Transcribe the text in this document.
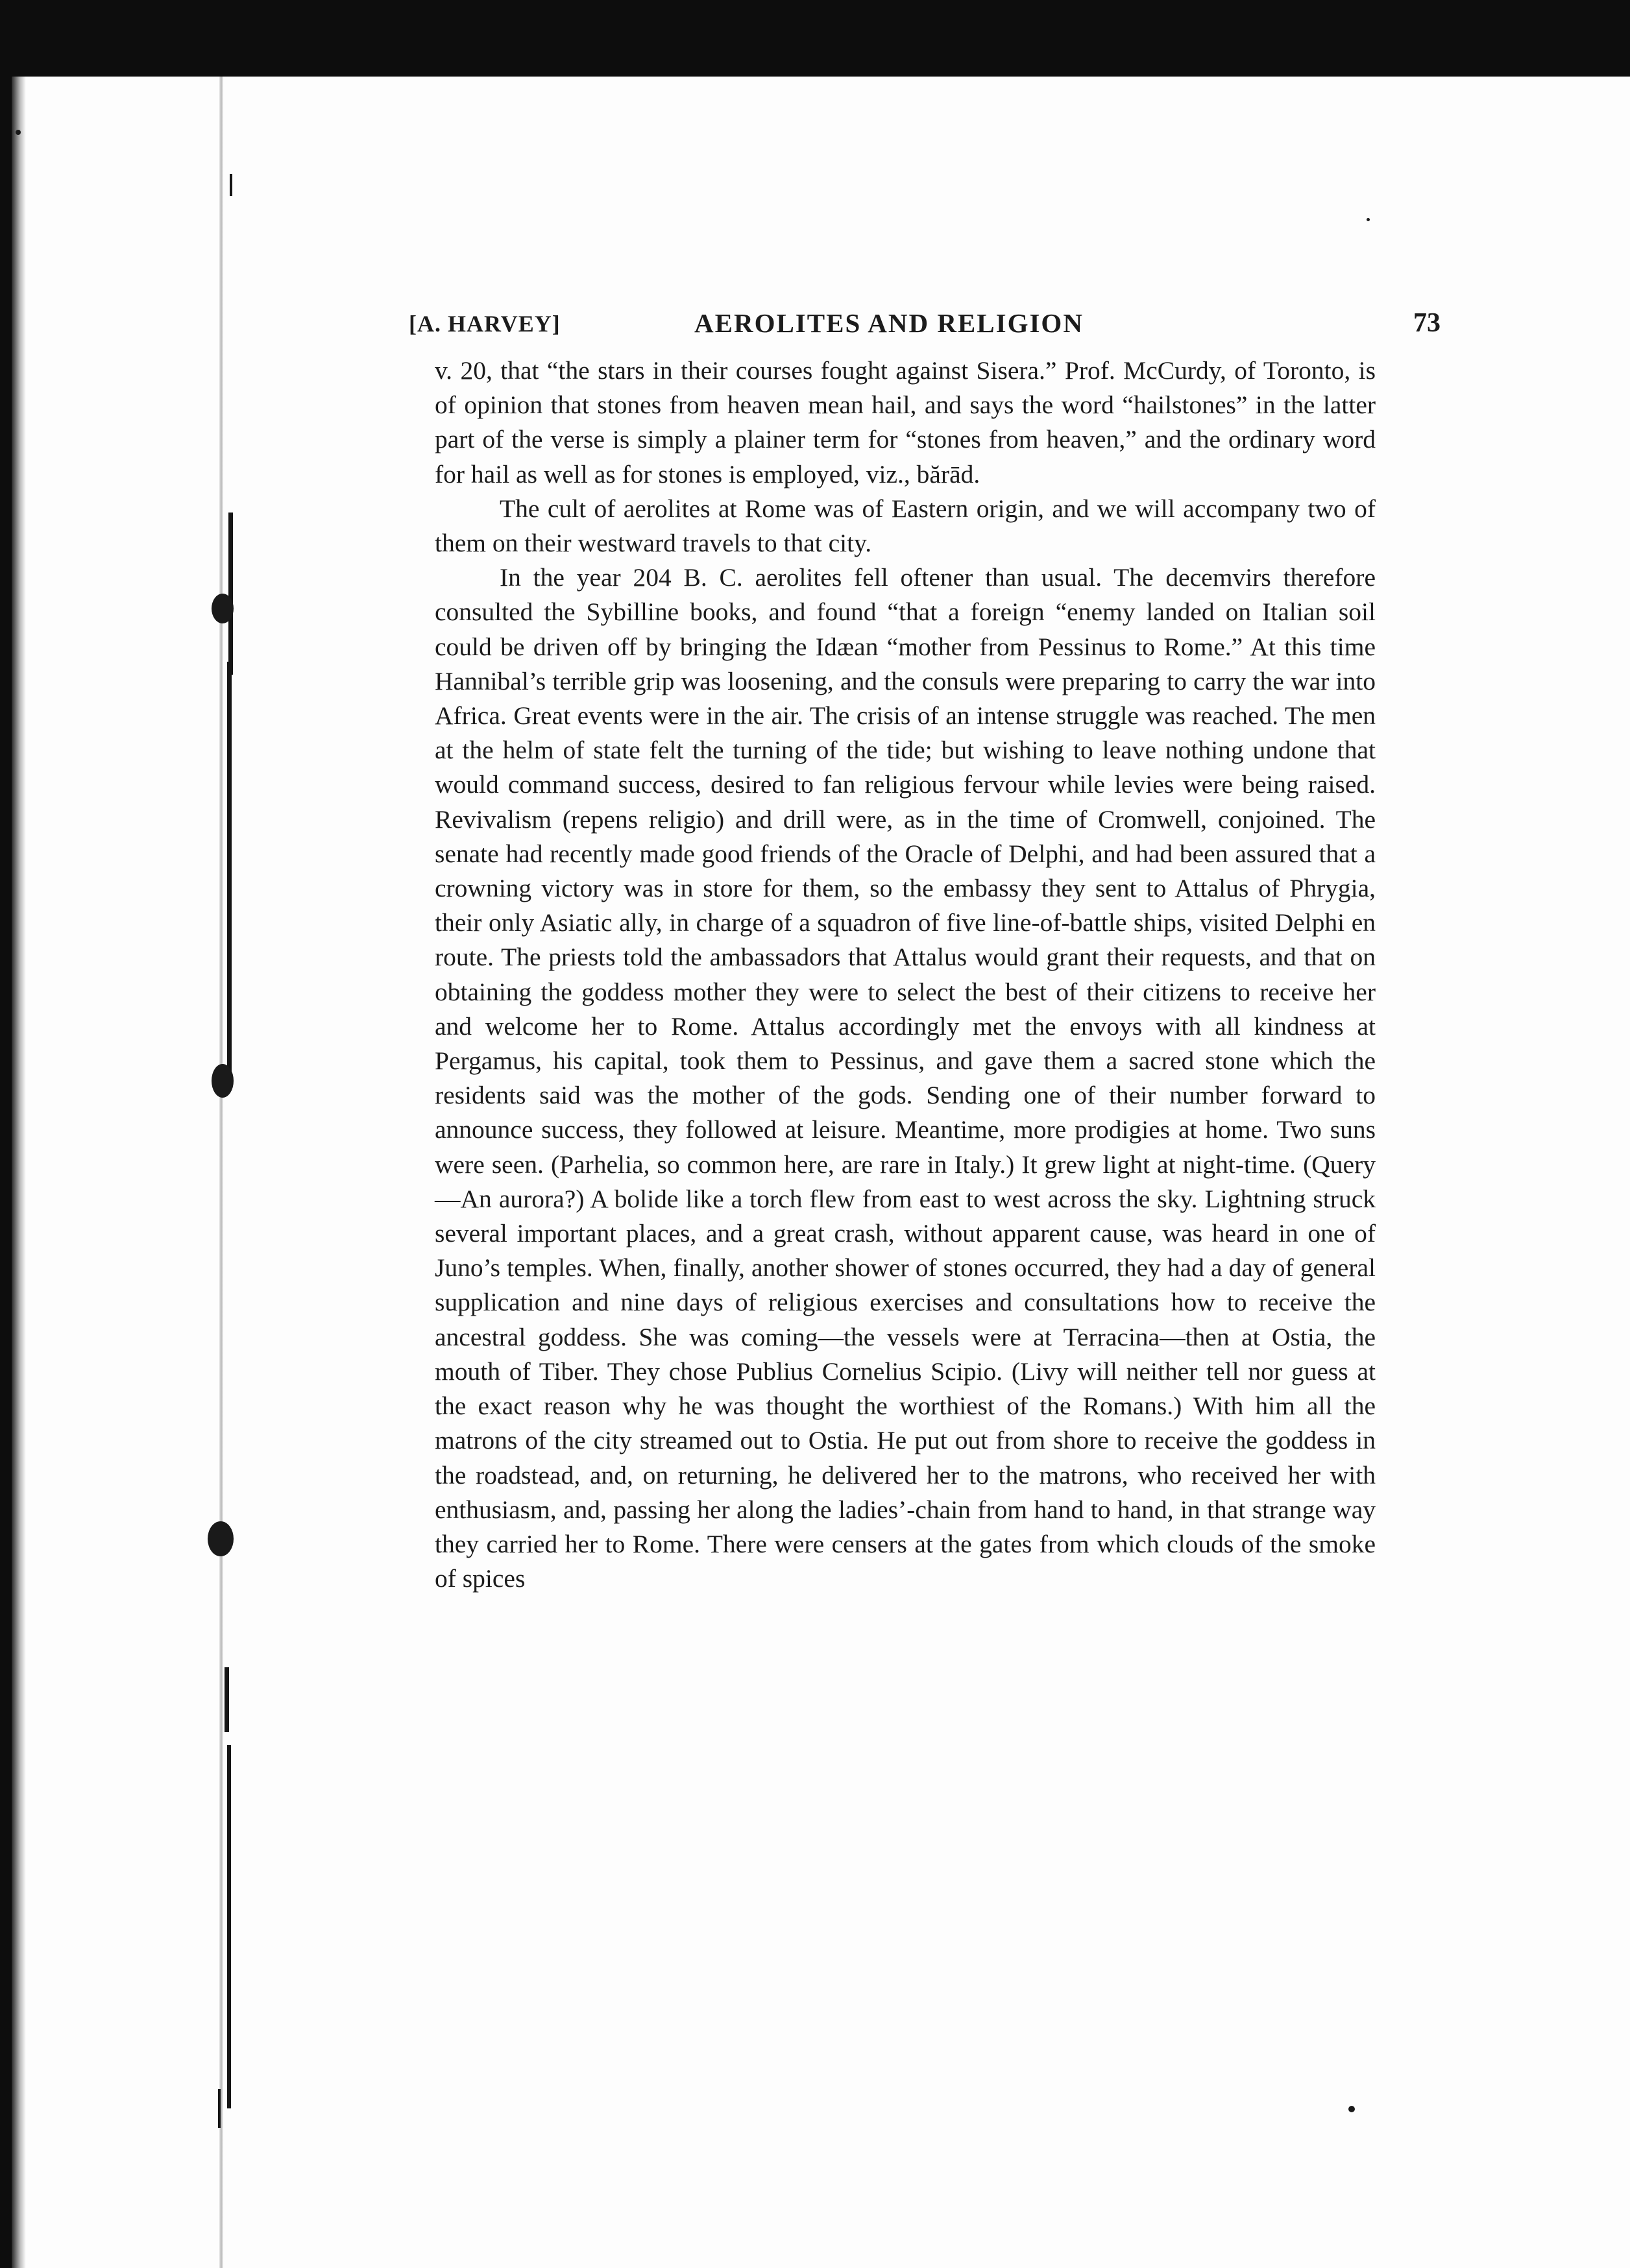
[A. HARVEY]	AEROLITES AND RELIGION	73

v. 20, that “the stars in their courses fought against Sisera.” Prof. McCurdy, of Toronto, is of opinion that stones from heaven mean hail, and says the word “hailstones” in the latter part of the verse is simply a plainer term for “stones from heaven,” and the ordinary word for hail as well as for stones is employed, viz., bărād.

The cult of aerolites at Rome was of Eastern origin, and we will accompany two of them on their westward travels to that city.

In the year 204 B. C. aerolites fell oftener than usual. The decemvirs therefore consulted the Sybilline books, and found “that a foreign “enemy landed on Italian soil could be driven off by bringing the Idæan “mother from Pessinus to Rome.” At this time Hannibal’s terrible grip was loosening, and the consuls were preparing to carry the war into Africa. Great events were in the air. The crisis of an intense struggle was reached. The men at the helm of state felt the turning of the tide; but wishing to leave nothing undone that would command success, desired to fan religious fervour while levies were being raised. Revivalism (repens religio) and drill were, as in the time of Cromwell, conjoined. The senate had recently made good friends of the Oracle of Delphi, and had been assured that a crowning victory was in store for them, so the embassy they sent to Attalus of Phrygia, their only Asiatic ally, in charge of a squadron of five line-of-battle ships, visited Delphi en route. The priests told the ambassadors that Attalus would grant their requests, and that on obtaining the goddess mother they were to select the best of their citizens to receive her and welcome her to Rome. Attalus accordingly met the envoys with all kindness at Pergamus, his capital, took them to Pessinus, and gave them a sacred stone which the residents said was the mother of the gods. Sending one of their number forward to announce success, they followed at leisure. Meantime, more prodigies at home. Two suns were seen. (Parhelia, so common here, are rare in Italy.) It grew light at night-time. (Query—An aurora?) A bolide like a torch flew from east to west across the sky. Lightning struck several important places, and a great crash, without apparent cause, was heard in one of Juno’s temples. When, finally, another shower of stones occurred, they had a day of general supplication and nine days of religious exercises and consultations how to receive the ancestral goddess. She was coming—the vessels were at Terracina—then at Ostia, the mouth of Tiber. They chose Publius Cornelius Scipio. (Livy will neither tell nor guess at the exact reason why he was thought the worthiest of the Romans.) With him all the matrons of the city streamed out to Ostia. He put out from shore to receive the goddess in the roadstead, and, on returning, he delivered her to the matrons, who received her with enthusiasm, and, passing her along the ladies’-chain from hand to hand, in that strange way they carried her to Rome. There were censers at the gates from which clouds of the smoke of spices
